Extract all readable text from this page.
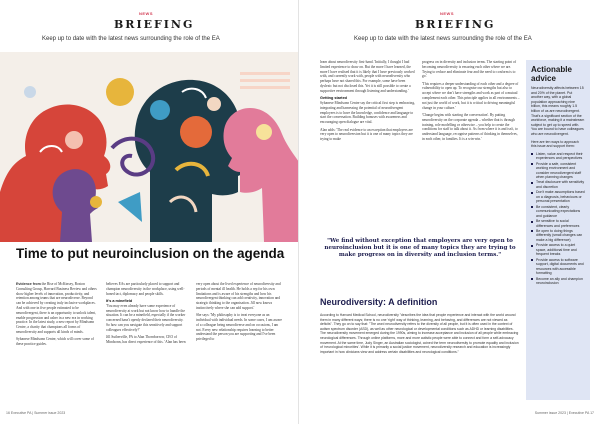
NEWS
BRIEFING
Keep up to date with the latest news surrounding the role of the EA
Time to put neuroinclusion on the agenda

Evidence from the Rise of McKinsey, Boston Consulting Group, Harvard Business Review and others show higher levels of innovation, productivity, and retention among teams that are neurodiverse. Beyond can be achieved by creating truly inclusive workplaces. And with one in five people estimated to be neurodivergent, there is an opportunity to unlock talent, enable progression and usher in a new era in working practice. In the latest study, a new report by Mindsonn Centre, a charity that champions all forms of neurodiversity and supports all kinds of minds.

Sybanese Mindsonn Centre, which will cover some of these practice guides.

believes EAs are particularly placed to support and champion neurodiversity in the workplace, using well-honed tact, diplomacy and people skills.

It's a minefield

'You may even already have some experience of neurodiversity at work but not know how to handle the situation. It can be a minefield, especially if the worker concerned hasn't openly declared their neurodiversity. So how can you navigate this sensitively and support colleagues effectively?'

Jill Sutherville, PA to Alan Thornborrow, CEO of Mindsonn, has direct experience of this. 'Alan has been

very open about the lived experience of neurodiversity and periods of mental ill health. He holds a rep for his own limitations and is aware of his strengths and how his neurodivergent thinking can add creativity, innovation and strategic thinking to the organisation. Jill now knows instinctively where she can add support.'

She says: 'My philosophy is to treat everyone as an individual with individual needs. In some cases, I am aware of a colleague being neurodiverse and on occasions, I am not. Every new relationship requires learning to better understand the person you are supporting and I've been privileged to

16 Executive PA | Summer issue 2023
NEWS
BRIEFING
Keep up to date with the latest news surrounding the role of the EA

learn about neurodiversity first-hand. 'Initially, I thought I had limited experience to draw on. But the more I have learned, the more I have realised that it is likely that I have previously worked with, and currently work with, people with neurodiversity who perhaps have not shared this. For example, some have been dyslexic but not disclosed this. Yet it is still possible to create a supportive environment through listening and understanding.'

Getting started

Sybanese Mindsonn Centre say the critical first step is embracing, integrating and harnessing the potential of neurodivergent employees is to have the knowledge, confidence and language to start the conversation. Building bonuses with awareness and encouraging open dialogue are vital.

Alan adds: 'The real evidence to an exception that employers are very open to neurodiversion but it is one of many topics they are trying to make

progress on in diversity and inclusion terms. The starting point of becoming neurodiversity is ensuring each other where we are. Trying to reduce and eliminate fear and the need to conform is to go.'

'This requires a deeper understanding of each other and a degree of vulnerability to open up. To recognise our strengths but also to accept where we don't have strengths and work as part of a mutual complement each other. This principle applies in all environments – not just the world of work, but it is critical to driving meaningful change in your culture.'

'Change begins with starting the conversation'. By putting neurodiversity on the corporate agenda – whether that is through training, role modelling or otherwise – you help to create the conditions for staff to talk about it. As from where it is and isn't, to understand language, recognise patterns of thinking in themselves, in each other, in families. It is a win-win.'

"We find without exception that employers are very open to neuroinclusion but it is one of many topics they are trying to make progress on in diversity and inclusion terms."
Neurodiversity: A definition
According to Harvard Medical School, neurodiversity "describes the idea that people experience and interact with the world around them in many different ways; there is no one 'right' way of thinking, learning, and behaving, and differences are not viewed as deficits". They go on to say that: "The word neurodiversity refers to the diversity of all people, but it is often used in the context of autism spectrum disorder (ASD), as well as other neurological or developmental conditions such as ADHD or learning disabilities. The neurodiversity movement emerged during the 1990s, aiming to increase acceptance and inclusion of all people while embracing neurological differences. Through online platforms, more and more autistic people were able to connect and form a self-advocacy movement. At the same time, Judy Singer, an Australian sociologist, coined the term neurodiversity to promote equality and inclusion of 'neurological minorities'. While it is primarily a social justice movement, neurodiversity research and education is increasingly important in how clinicians view and address certain disabilities and neurological conditions."
Actionable advice

Neurodiversity affects between 15 and 20% of the planet. Put another way, with a global population approaching nine billion, this means roughly 1.5 billion of us are neurodivergent. That's a significant section of the workforce, making it a mainstream subject to get up to speed with. You are bound to have colleagues who are neurodivergent.

Here are ten ways to approach this issue and support them:

Listen, value and respect their experiences and perspectives
Provide a safe, consistent working environment and consider neurodivergent staff when planning changes
Treat disclosure with sensitivity and discretion
Don't make assumptions based on a diagnosis, behaviours or personal presentation
Be consistent, clearly communicating expectations and guidance
Be sensitive to social differences and preferences
Be open to doing things differently (small changes can make a big difference)
Provide access to a quiet space, additional time and frequent breaks
Provide access to software support, digital documents and resources with accessible formatting
Become an ally and champion neuroinclusion
Summer issue 2023 | Executive PA 17
